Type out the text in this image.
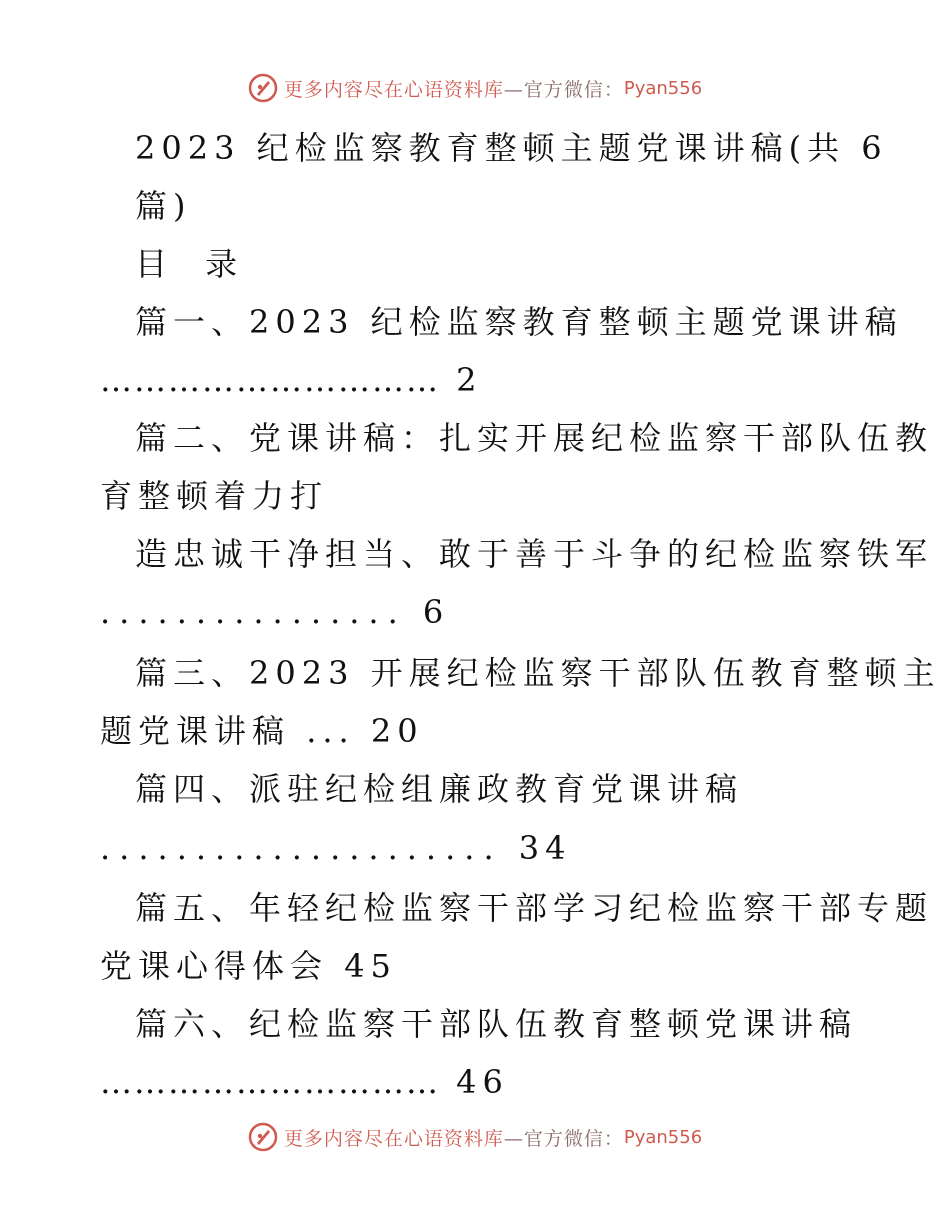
更多内容尽在心语资料库 —官方微信： Pyan556
2023 纪检监察教育整顿主题党课讲稿(共 6
篇)
目 录
篇一、2023 纪检监察教育整顿主题党课讲稿
………………………… 2
篇二、党课讲稿：扎实开展纪检监察干部队伍教
育整顿着力打
造忠诚干净担当、敢于善于斗争的纪检监察铁军
................ 6
篇三、2023 开展纪检监察干部队伍教育整顿主
题党课讲稿 ... 20
篇四、派驻纪检组廉政教育党课讲稿
..................... 34
篇五、年轻纪检监察干部学习纪检监察干部专题
党课心得体会 45
篇六、纪检监察干部队伍教育整顿党课讲稿
………………………… 46
更多内容尽在心语资料库 —官方微信： Pyan556
